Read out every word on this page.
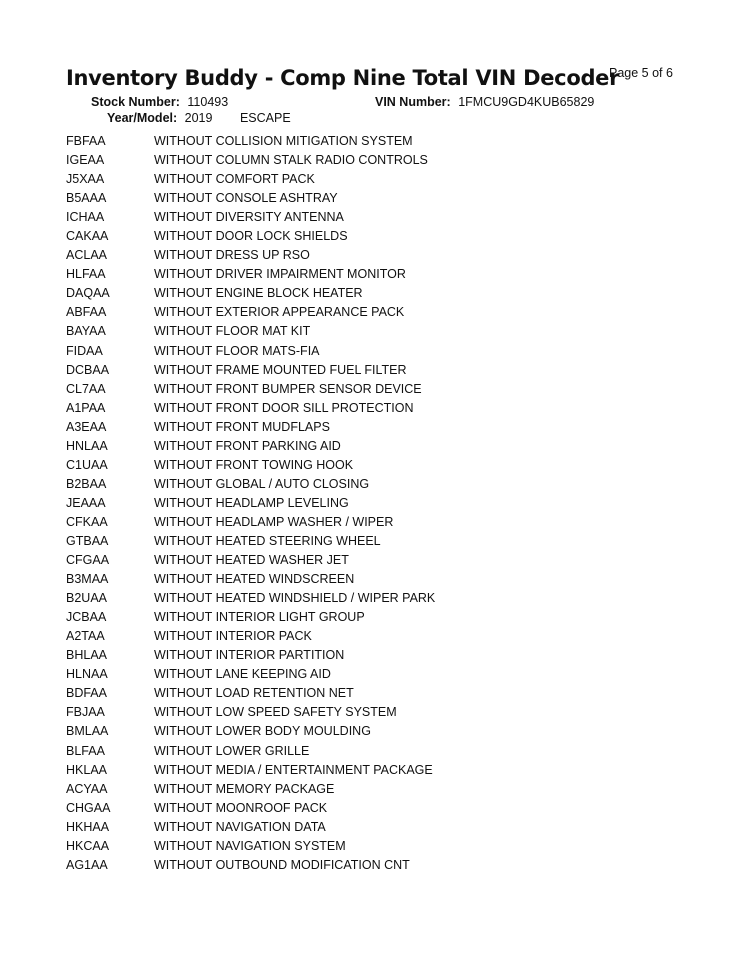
Inventory Buddy - Comp Nine Total VIN Decoder
Page 5 of 6
Stock Number: 110493	VIN Number: 1FMCU9GD4KUB65829
Year/Model: 2019 ESCAPE
FBFAA	WITHOUT COLLISION MITIGATION SYSTEM
IGEAA	WITHOUT COLUMN STALK RADIO CONTROLS
J5XAA	WITHOUT COMFORT PACK
B5AAA	WITHOUT CONSOLE ASHTRAY
ICHAA	WITHOUT DIVERSITY ANTENNA
CAKAA	WITHOUT DOOR LOCK SHIELDS
ACLAA	WITHOUT DRESS UP RSO
HLFAA	WITHOUT DRIVER IMPAIRMENT MONITOR
DAQAA	WITHOUT ENGINE BLOCK HEATER
ABFAA	WITHOUT EXTERIOR APPEARANCE PACK
BAYAA	WITHOUT FLOOR MAT KIT
FIDAA	WITHOUT FLOOR MATS-FIA
DCBAA	WITHOUT FRAME MOUNTED FUEL FILTER
CL7AA	WITHOUT FRONT BUMPER SENSOR DEVICE
A1PAA	WITHOUT FRONT DOOR SILL PROTECTION
A3EAA	WITHOUT FRONT MUDFLAPS
HNLAA	WITHOUT FRONT PARKING AID
C1UAA	WITHOUT FRONT TOWING HOOK
B2BAA	WITHOUT GLOBAL / AUTO CLOSING
JEAAA	WITHOUT HEADLAMP LEVELING
CFKAA	WITHOUT HEADLAMP WASHER / WIPER
GTBAA	WITHOUT HEATED STEERING WHEEL
CFGAA	WITHOUT HEATED WASHER JET
B3MAA	WITHOUT HEATED WINDSCREEN
B2UAA	WITHOUT HEATED WINDSHIELD / WIPER PARK
JCBAA	WITHOUT INTERIOR LIGHT GROUP
A2TAA	WITHOUT INTERIOR PACK
BHLAA	WITHOUT INTERIOR PARTITION
HLNAA	WITHOUT LANE KEEPING AID
BDFAA	WITHOUT LOAD RETENTION NET
FBJAA	WITHOUT LOW SPEED SAFETY SYSTEM
BMLAA	WITHOUT LOWER BODY MOULDING
BLFAA	WITHOUT LOWER GRILLE
HKLAA	WITHOUT MEDIA / ENTERTAINMENT PACKAGE
ACYAA	WITHOUT MEMORY PACKAGE
CHGAA	WITHOUT MOONROOF PACK
HKHAA	WITHOUT NAVIGATION DATA
HKCAA	WITHOUT NAVIGATION SYSTEM
AG1AA	WITHOUT OUTBOUND MODIFICATION CNT
